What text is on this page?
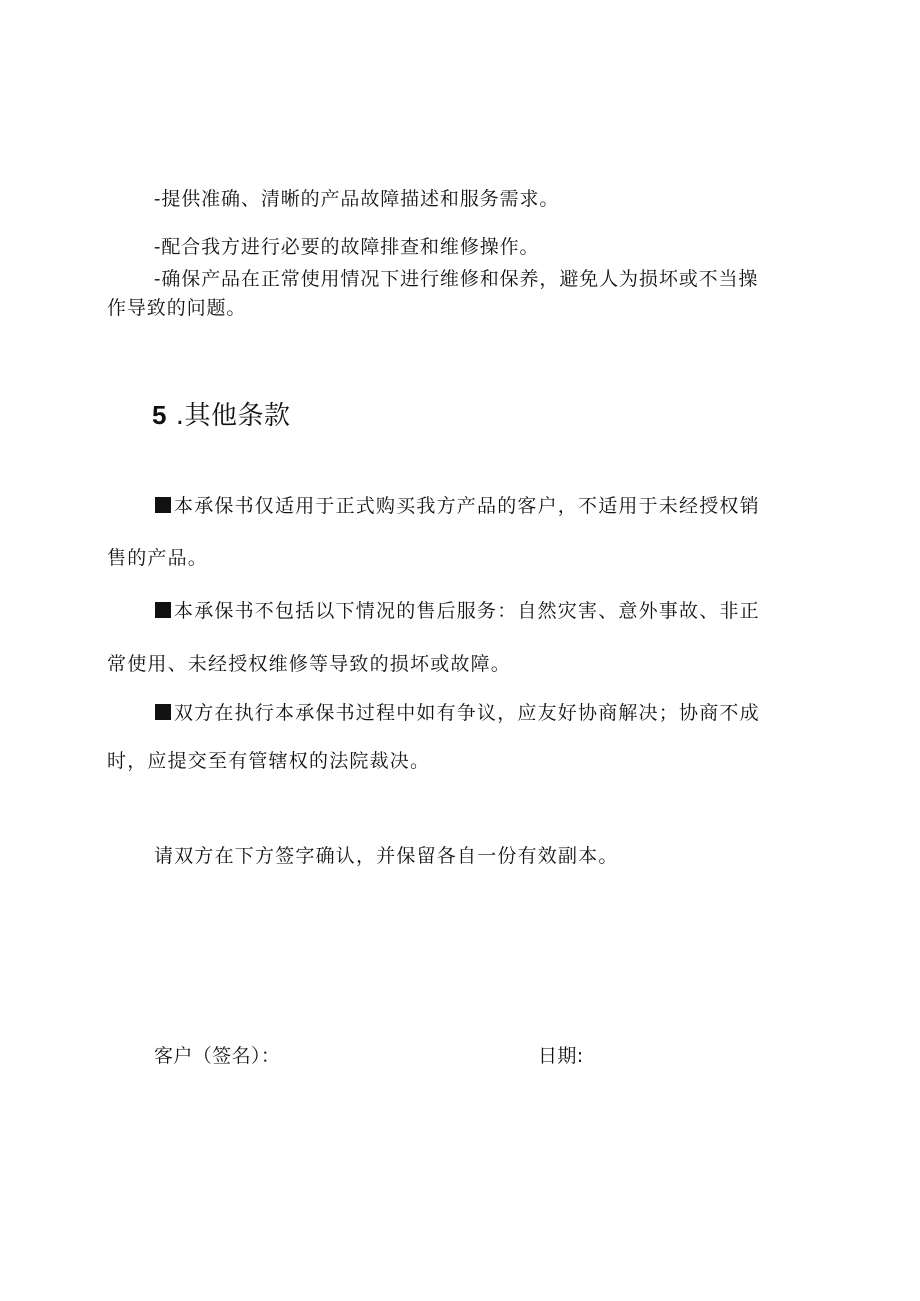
-提供准确、清晰的产品故障描述和服务需求。
-配合我方进行必要的故障排查和维修操作。
-确保产品在正常使用情况下进行维修和保养，避免人为损坏或不当操
作导致的问题。
5 .其他条款
本承保书仅适用于正式购买我方产品的客户，不适用于未经授权销
售的产品。
本承保书不包括以下情况的售后服务：自然灾害、意外事故、非正
常使用、未经授权维修等导致的损坏或故障。
双方在执行本承保书过程中如有争议，应友好协商解决；协商不成
时，应提交至有管辖权的法院裁决。
请双方在下方签字确认，并保留各自一份有效副本。
客户（签名）：	日期:
